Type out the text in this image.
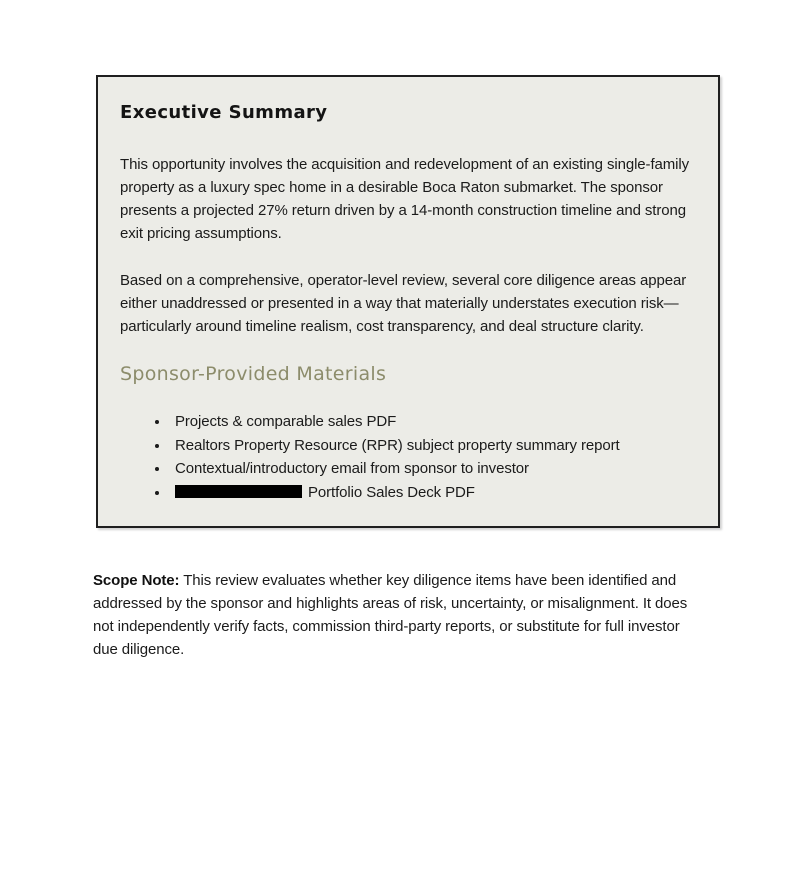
Executive Summary

This opportunity involves the acquisition and redevelopment of an existing single-family property as a luxury spec home in a desirable Boca Raton submarket. The sponsor presents a projected 27% return driven by a 14-month construction timeline and strong exit pricing assumptions.

Based on a comprehensive, operator-level review, several core diligence areas appear either unaddressed or presented in a way that materially understates execution risk—particularly around timeline realism, cost transparency, and deal structure clarity.

Sponsor-Provided Materials
• Projects & comparable sales PDF
• Realtors Property Resource (RPR) subject property summary report
• Contextual/introductory email from sponsor to investor
• Portfolio Sales Deck PDF

Scope Note: This review evaluates whether key diligence items have been identified and addressed by the sponsor and highlights areas of risk, uncertainty, or misalignment. It does not independently verify facts, commission third-party reports, or substitute for full investor due diligence.
